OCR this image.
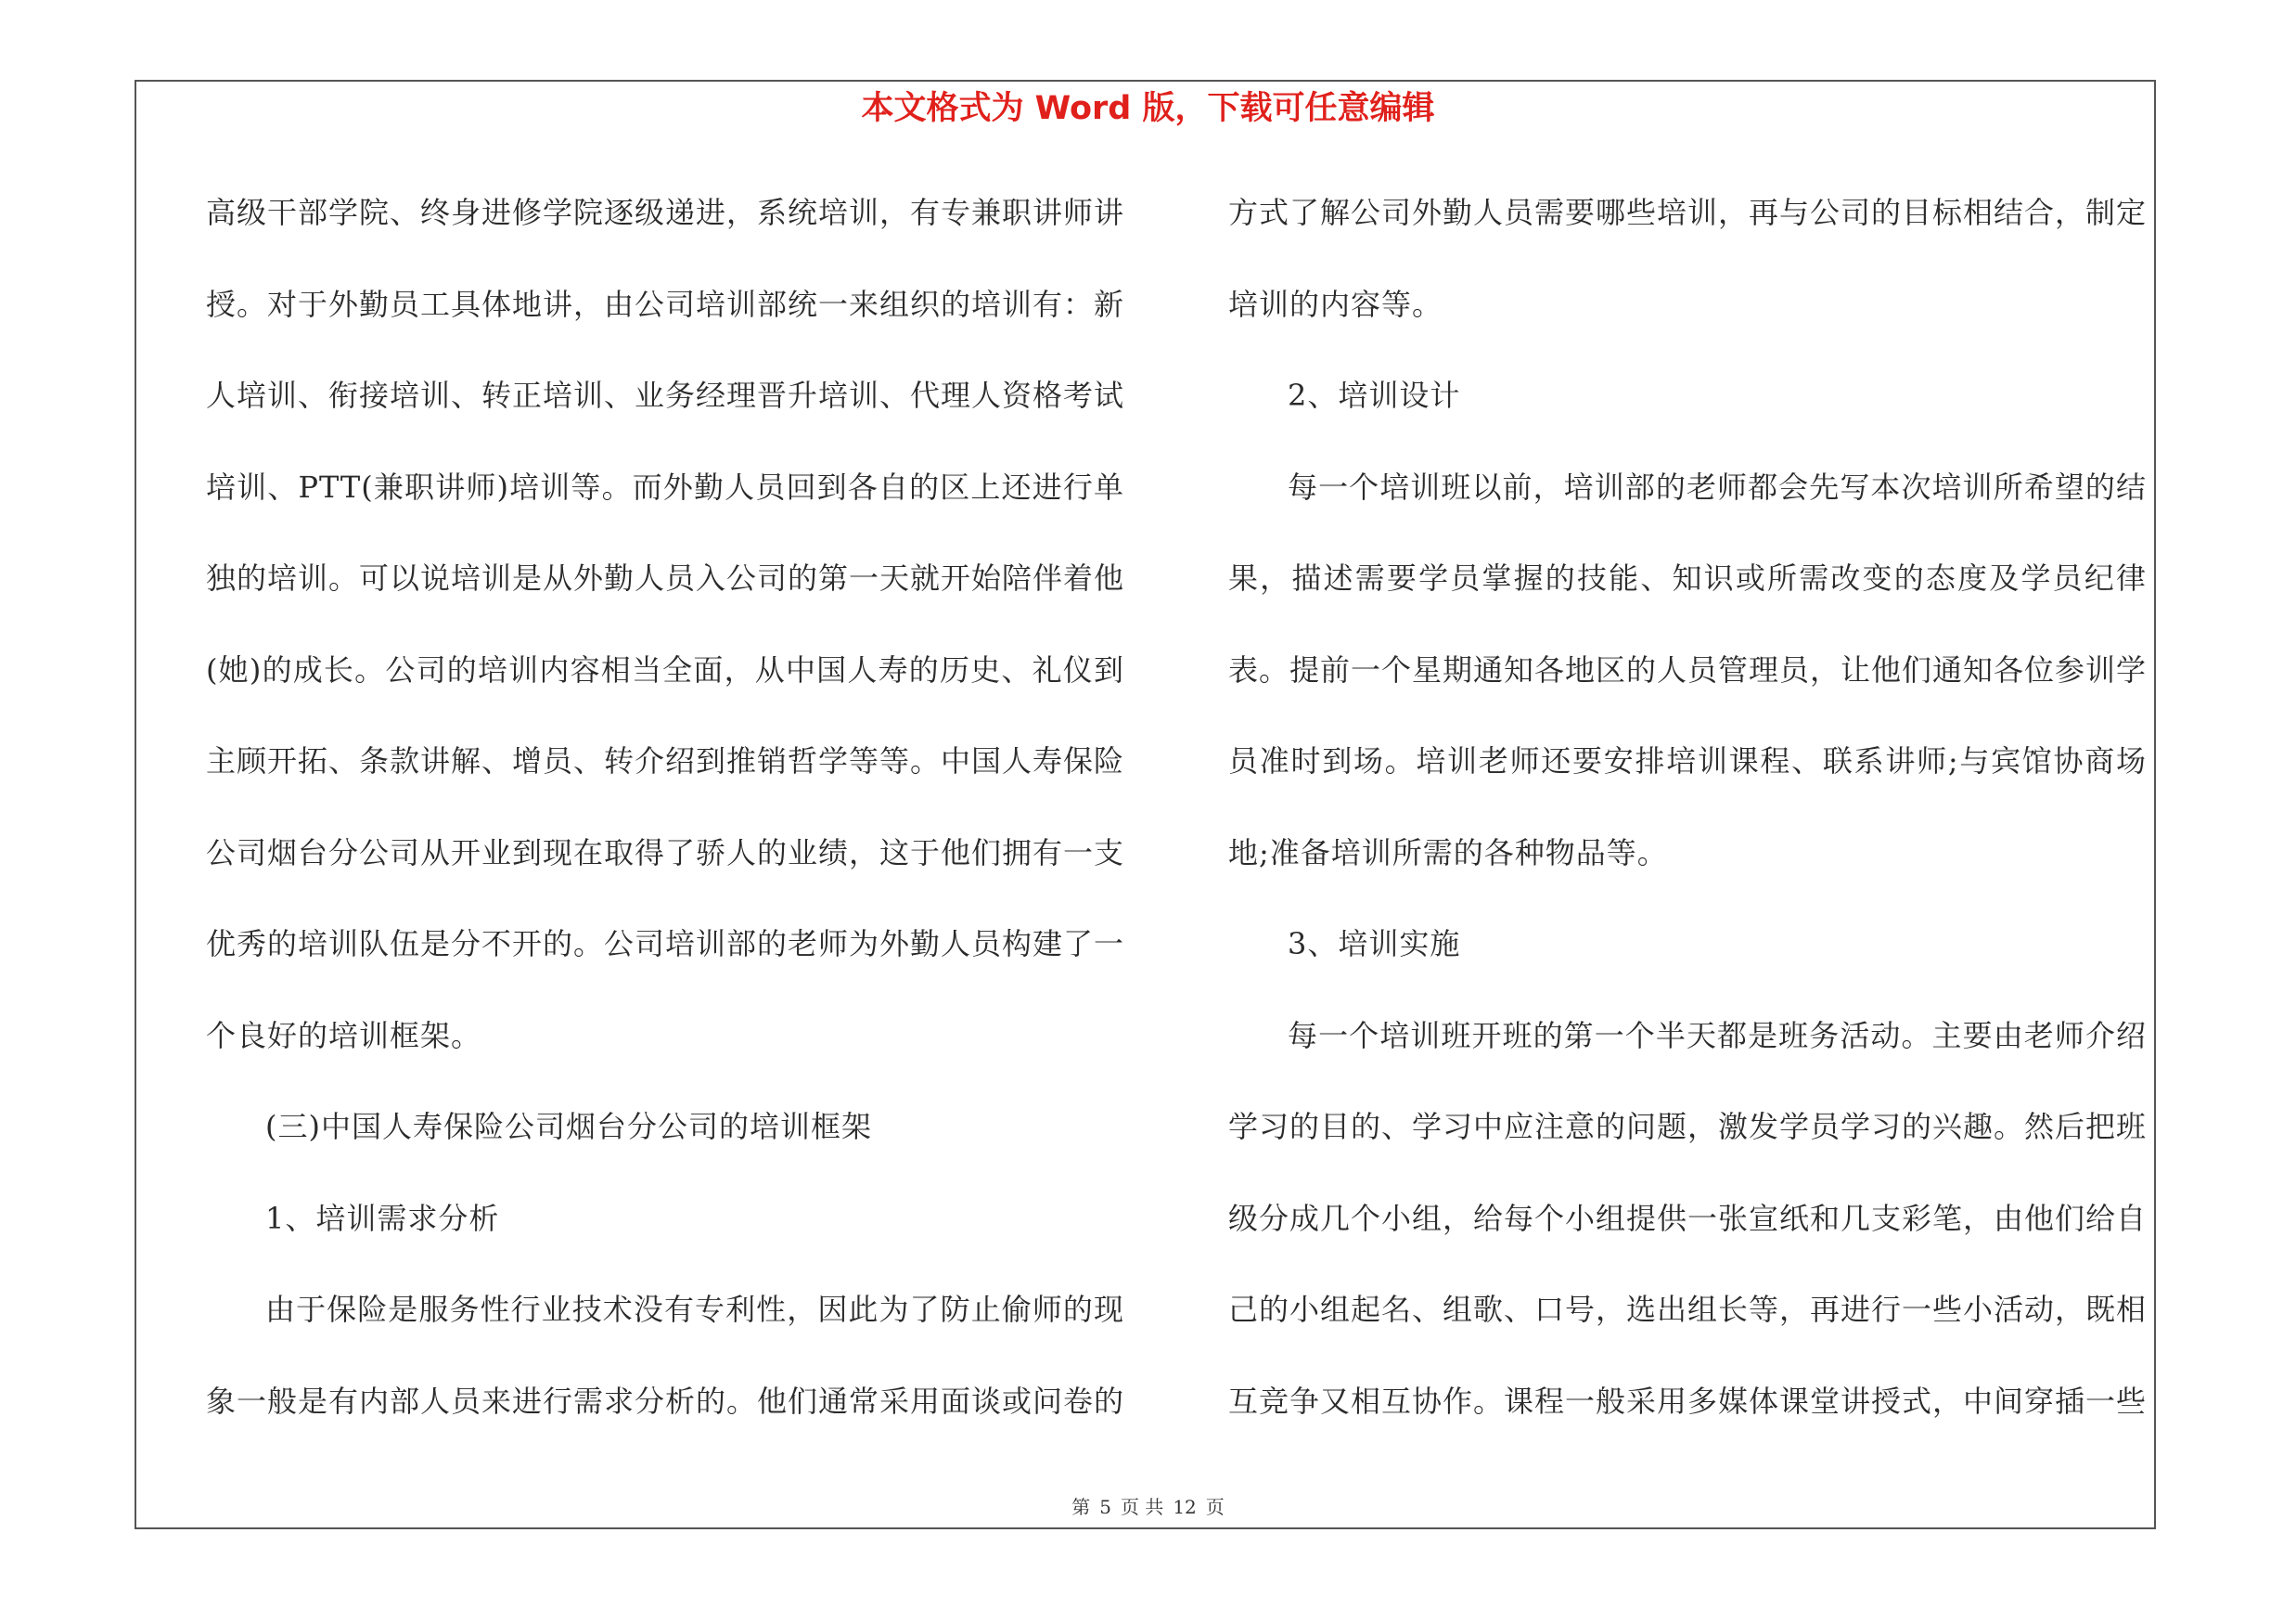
本文格式为 Word 版，下载可任意编辑

高级干部学院、终身进修学院逐级递进，系统培训，有专兼职讲师讲授。对于外勤员工具体地讲，由公司培训部统一来组织的培训有：新人培训、衔接培训、转正培训、业务经理晋升培训、代理人资格考试培训、PTT(兼职讲师)培训等。而外勤人员回到各自的区上还进行单独的培训。可以说培训是从外勤人员入公司的第一天就开始陪伴着他(她)的成长。公司的培训内容相当全面，从中国人寿的历史、礼仪到主顾开拓、条款讲解、增员、转介绍到推销哲学等等。中国人寿保险公司烟台分公司从开业到现在取得了骄人的业绩，这于他们拥有一支优秀的培训队伍是分不开的。公司培训部的老师为外勤人员构建了一个良好的培训框架。

(三)中国人寿保险公司烟台分公司的培训框架

1、培训需求分析

由于保险是服务性行业技术没有专利性，因此为了防止偷师的现象一般是有内部人员来进行需求分析的。他们通常采用面谈或问卷的

方式了解公司外勤人员需要哪些培训，再与公司的目标相结合，制定培训的内容等。

2、培训设计

每一个培训班以前，培训部的老师都会先写本次培训所希望的结果，描述需要学员掌握的技能、知识或所需改变的态度及学员纪律表。提前一个星期通知各地区的人员管理员，让他们通知各位参训学员准时到场。培训老师还要安排培训课程、联系讲师;与宾馆协商场地;准备培训所需的各种物品等。

3、培训实施

每一个培训班开班的第一个半天都是班务活动。主要由老师介绍学习的目的、学习中应注意的问题，激发学员学习的兴趣。然后把班级分成几个小组，给每个小组提供一张宣纸和几支彩笔，由他们给自己的小组起名、组歌、口号，选出组长等，再进行一些小活动，既相互竞争又相互协作。课程一般采用多媒体课堂讲授式，中间穿插一些

第 5 页 共 12 页
